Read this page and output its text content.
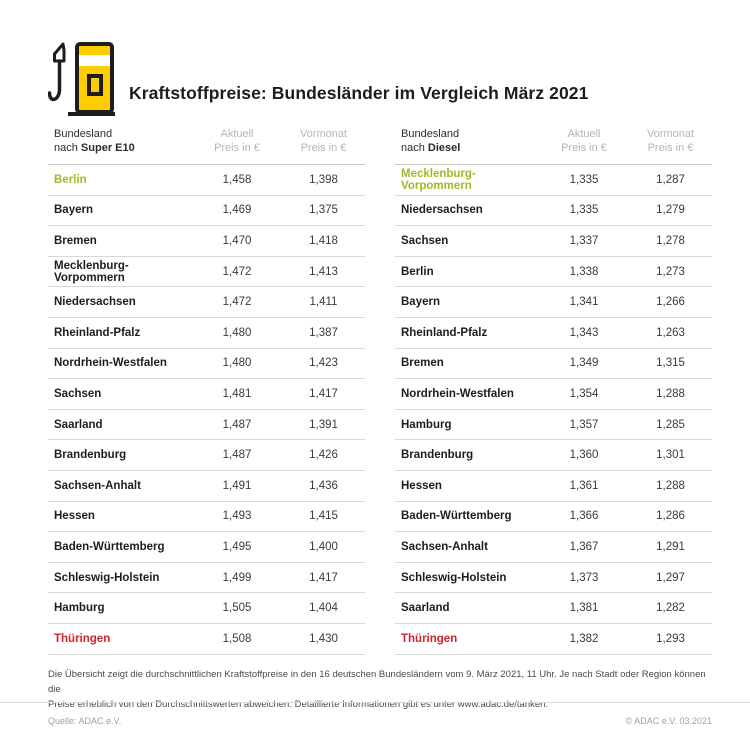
Kraftstoffpreise: Bundesländer im Vergleich März 2021
Bundesland
nach Super E10
Aktuell
Preis in €
Vormonat
Preis in €
Berlin	1,458	1,398
Bayern	1,469	1,375
Bremen	1,470	1,418
Mecklenburg-Vorpommern	1,472	1,413
Niedersachsen	1,472	1,411
Rheinland-Pfalz	1,480	1,387
Nordrhein-Westfalen	1,480	1,423
Sachsen	1,481	1,417
Saarland	1,487	1,391
Brandenburg	1,487	1,426
Sachsen-Anhalt	1,491	1,436
Hessen	1,493	1,415
Baden-Württemberg	1,495	1,400
Schleswig-Holstein	1,499	1,417
Hamburg	1,505	1,404
Thüringen	1,508	1,430
Bundesland
nach Diesel
Aktuell
Preis in €
Vormonat
Preis in €
Mecklenburg-Vorpommern	1,335	1,287
Niedersachsen	1,335	1,279
Sachsen	1,337	1,278
Berlin	1,338	1,273
Bayern	1,341	1,266
Rheinland-Pfalz	1,343	1,263
Bremen	1,349	1,315
Nordrhein-Westfalen	1,354	1,288
Hamburg	1,357	1,285
Brandenburg	1,360	1,301
Hessen	1,361	1,288
Baden-Württemberg	1,366	1,286
Sachsen-Anhalt	1,367	1,291
Schleswig-Holstein	1,373	1,297
Saarland	1,381	1,282
Thüringen	1,382	1,293
Die Übersicht zeigt die durchschnittlichen Kraftstoffpreise in den 16 deutschen Bundesländern vom 9. März 2021, 11 Uhr. Je nach Stadt oder Region können die
Preise erheblich von den Durchschnittswerten abweichen. Detaillierte Informationen gibt es unter www.adac.de/tanken.
Quelle: ADAC e.V.	© ADAC e.V. 03.2021
